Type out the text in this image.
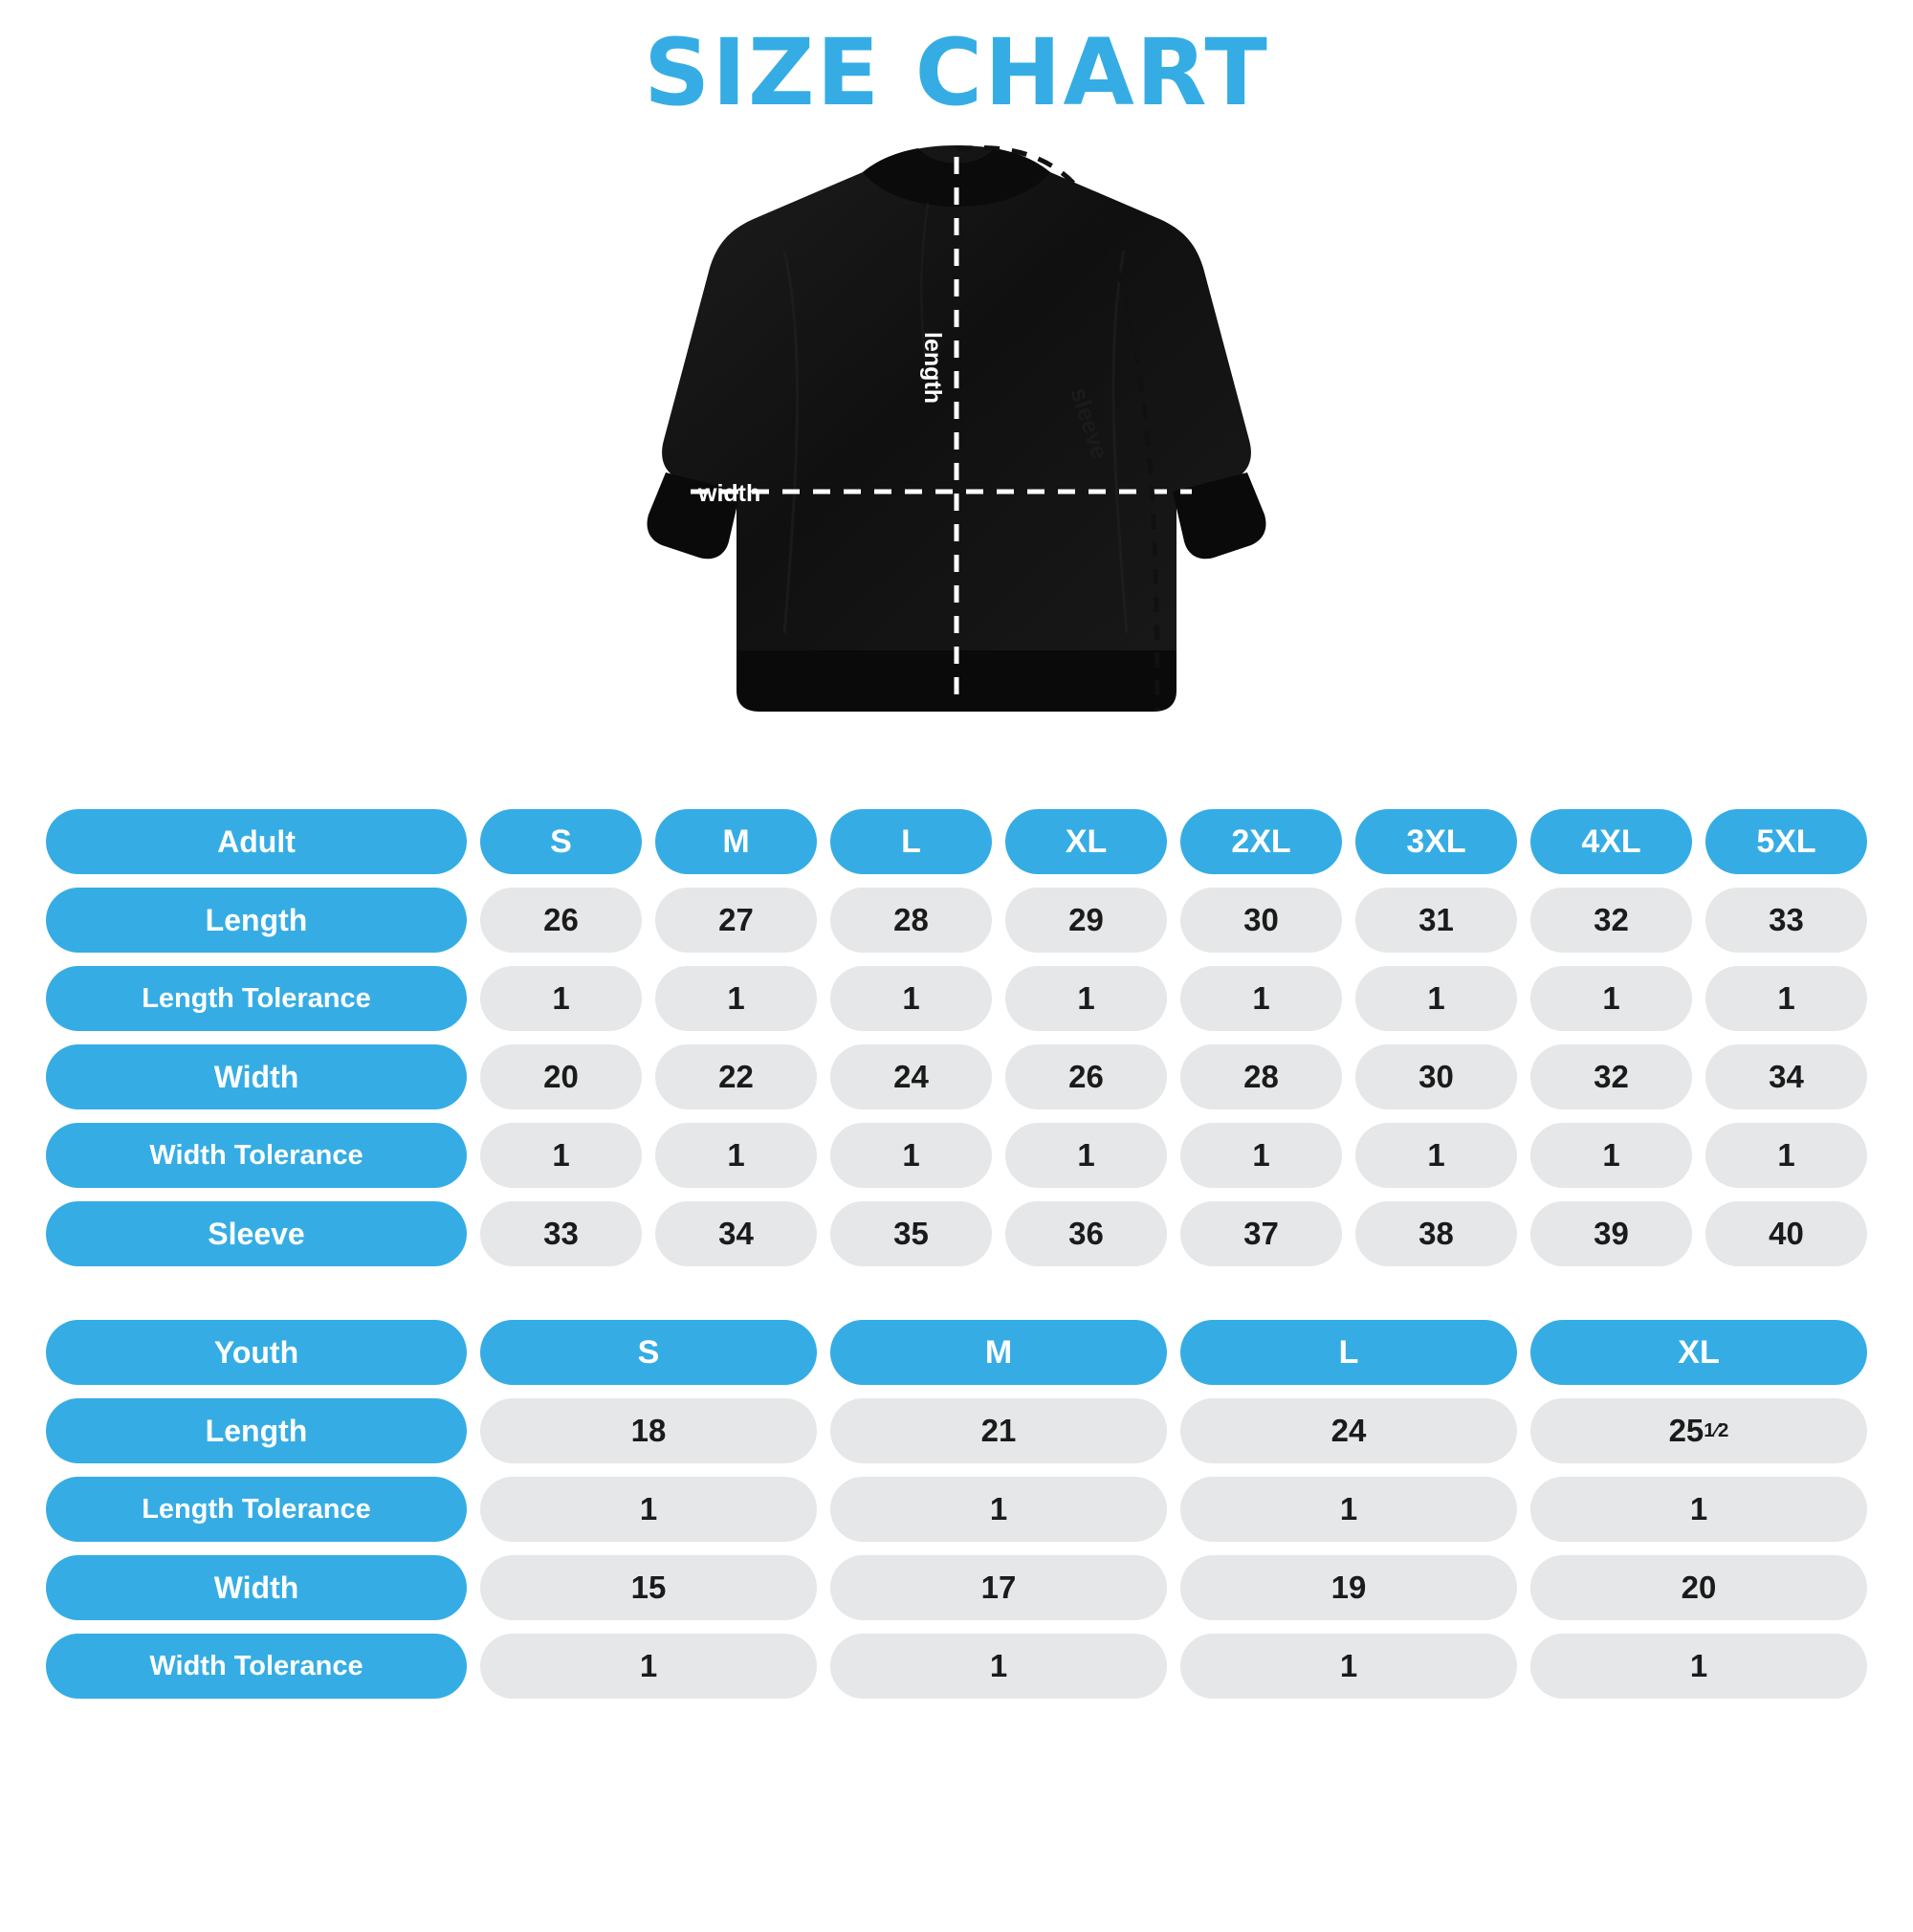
SIZE CHART
width
length
sleeve
Adult	S	M	L	XL	2XL	3XL	4XL	5XL
Length	26	27	28	29	30	31	32	33
Length Tolerance	1	1	1	1	1	1	1	1
Width	20	22	24	26	28	30	32	34
Width Tolerance	1	1	1	1	1	1	1	1
Sleeve	33	34	35	36	37	38	39	40
Youth	S	M	L	XL
Length	18	21	24	25 1⁄2
Length Tolerance	1	1	1	1
Width	15	17	19	20
Width Tolerance	1	1	1	1
